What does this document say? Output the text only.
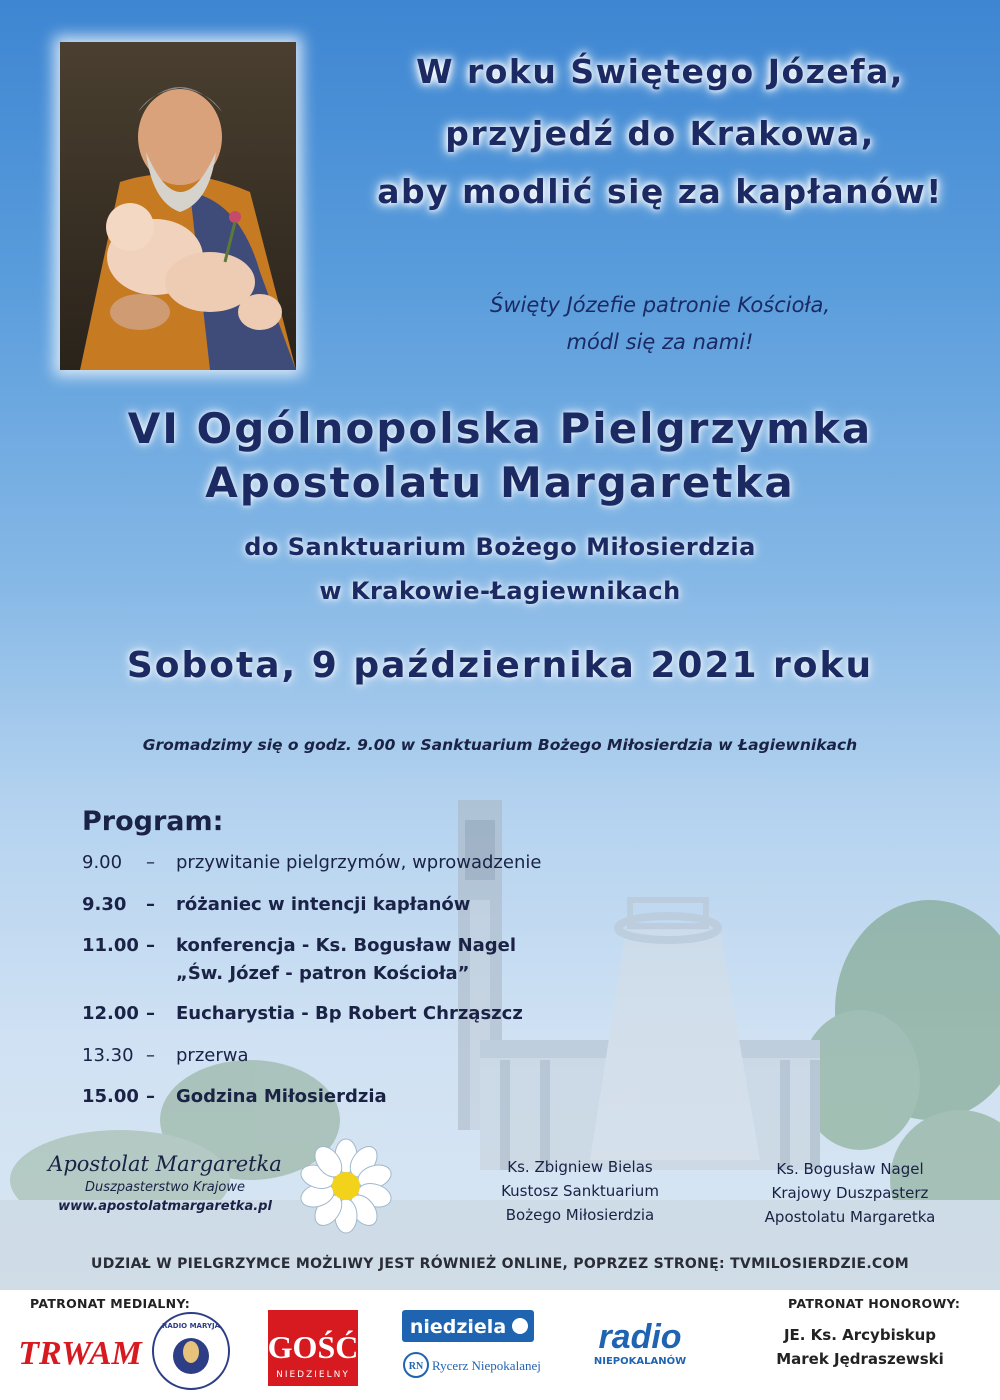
W roku Świętego Józefa,
przyjedź do Krakowa,
aby modlić się za kapłanów!
Święty Józefie patronie Kościoła,
módl się za nami!
VI Ogólnopolska Pielgrzymka
Apostolatu Margaretka
do Sanktuarium Bożego Miłosierdzia
w Krakowie-Łagiewnikach
Sobota, 9 października 2021 roku
Gromadzimy się o godz. 9.00 w Sanktuarium Bożego Miłosierdzia w Łagiewnikach
Program:
9.00 – przywitanie pielgrzymów, wprowadzenie
9.30 – różaniec w intencji kapłanów
11.00 – konferencja - Ks. Bogusław Nagel
„Św. Józef - patron Kościoła”
12.00 – Eucharystia - Bp Robert Chrząszcz
13.30 – przerwa
15.00 – Godzina Miłosierdzia
Apostolat Margaretka
Duszpasterstwo Krajowe
www.apostolatmargaretka.pl
Ks. Zbigniew Bielas
Kustosz Sanktuarium
Bożego Miłosierdzia
Ks. Bogusław Nagel
Krajowy Duszpasterz
Apostolatu Margaretka
UDZIAŁ W PIELGRZYMCE MOŻLIWY JEST RÓWNIEŻ ONLINE, POPRZEZ STRONĘ: TVMILOSIERDZIE.COM
PATRONAT MEDIALNY:	PATRONAT HONOROWY:
JE. Ks. Arcybiskup
Marek Jędraszewski
TRWAM
RADIO MARYJA
GOŚĆ
NIEDZIELNY
niedziela
RN Rycerz Niepokalanej
radio
NIEPOKALANÓW
